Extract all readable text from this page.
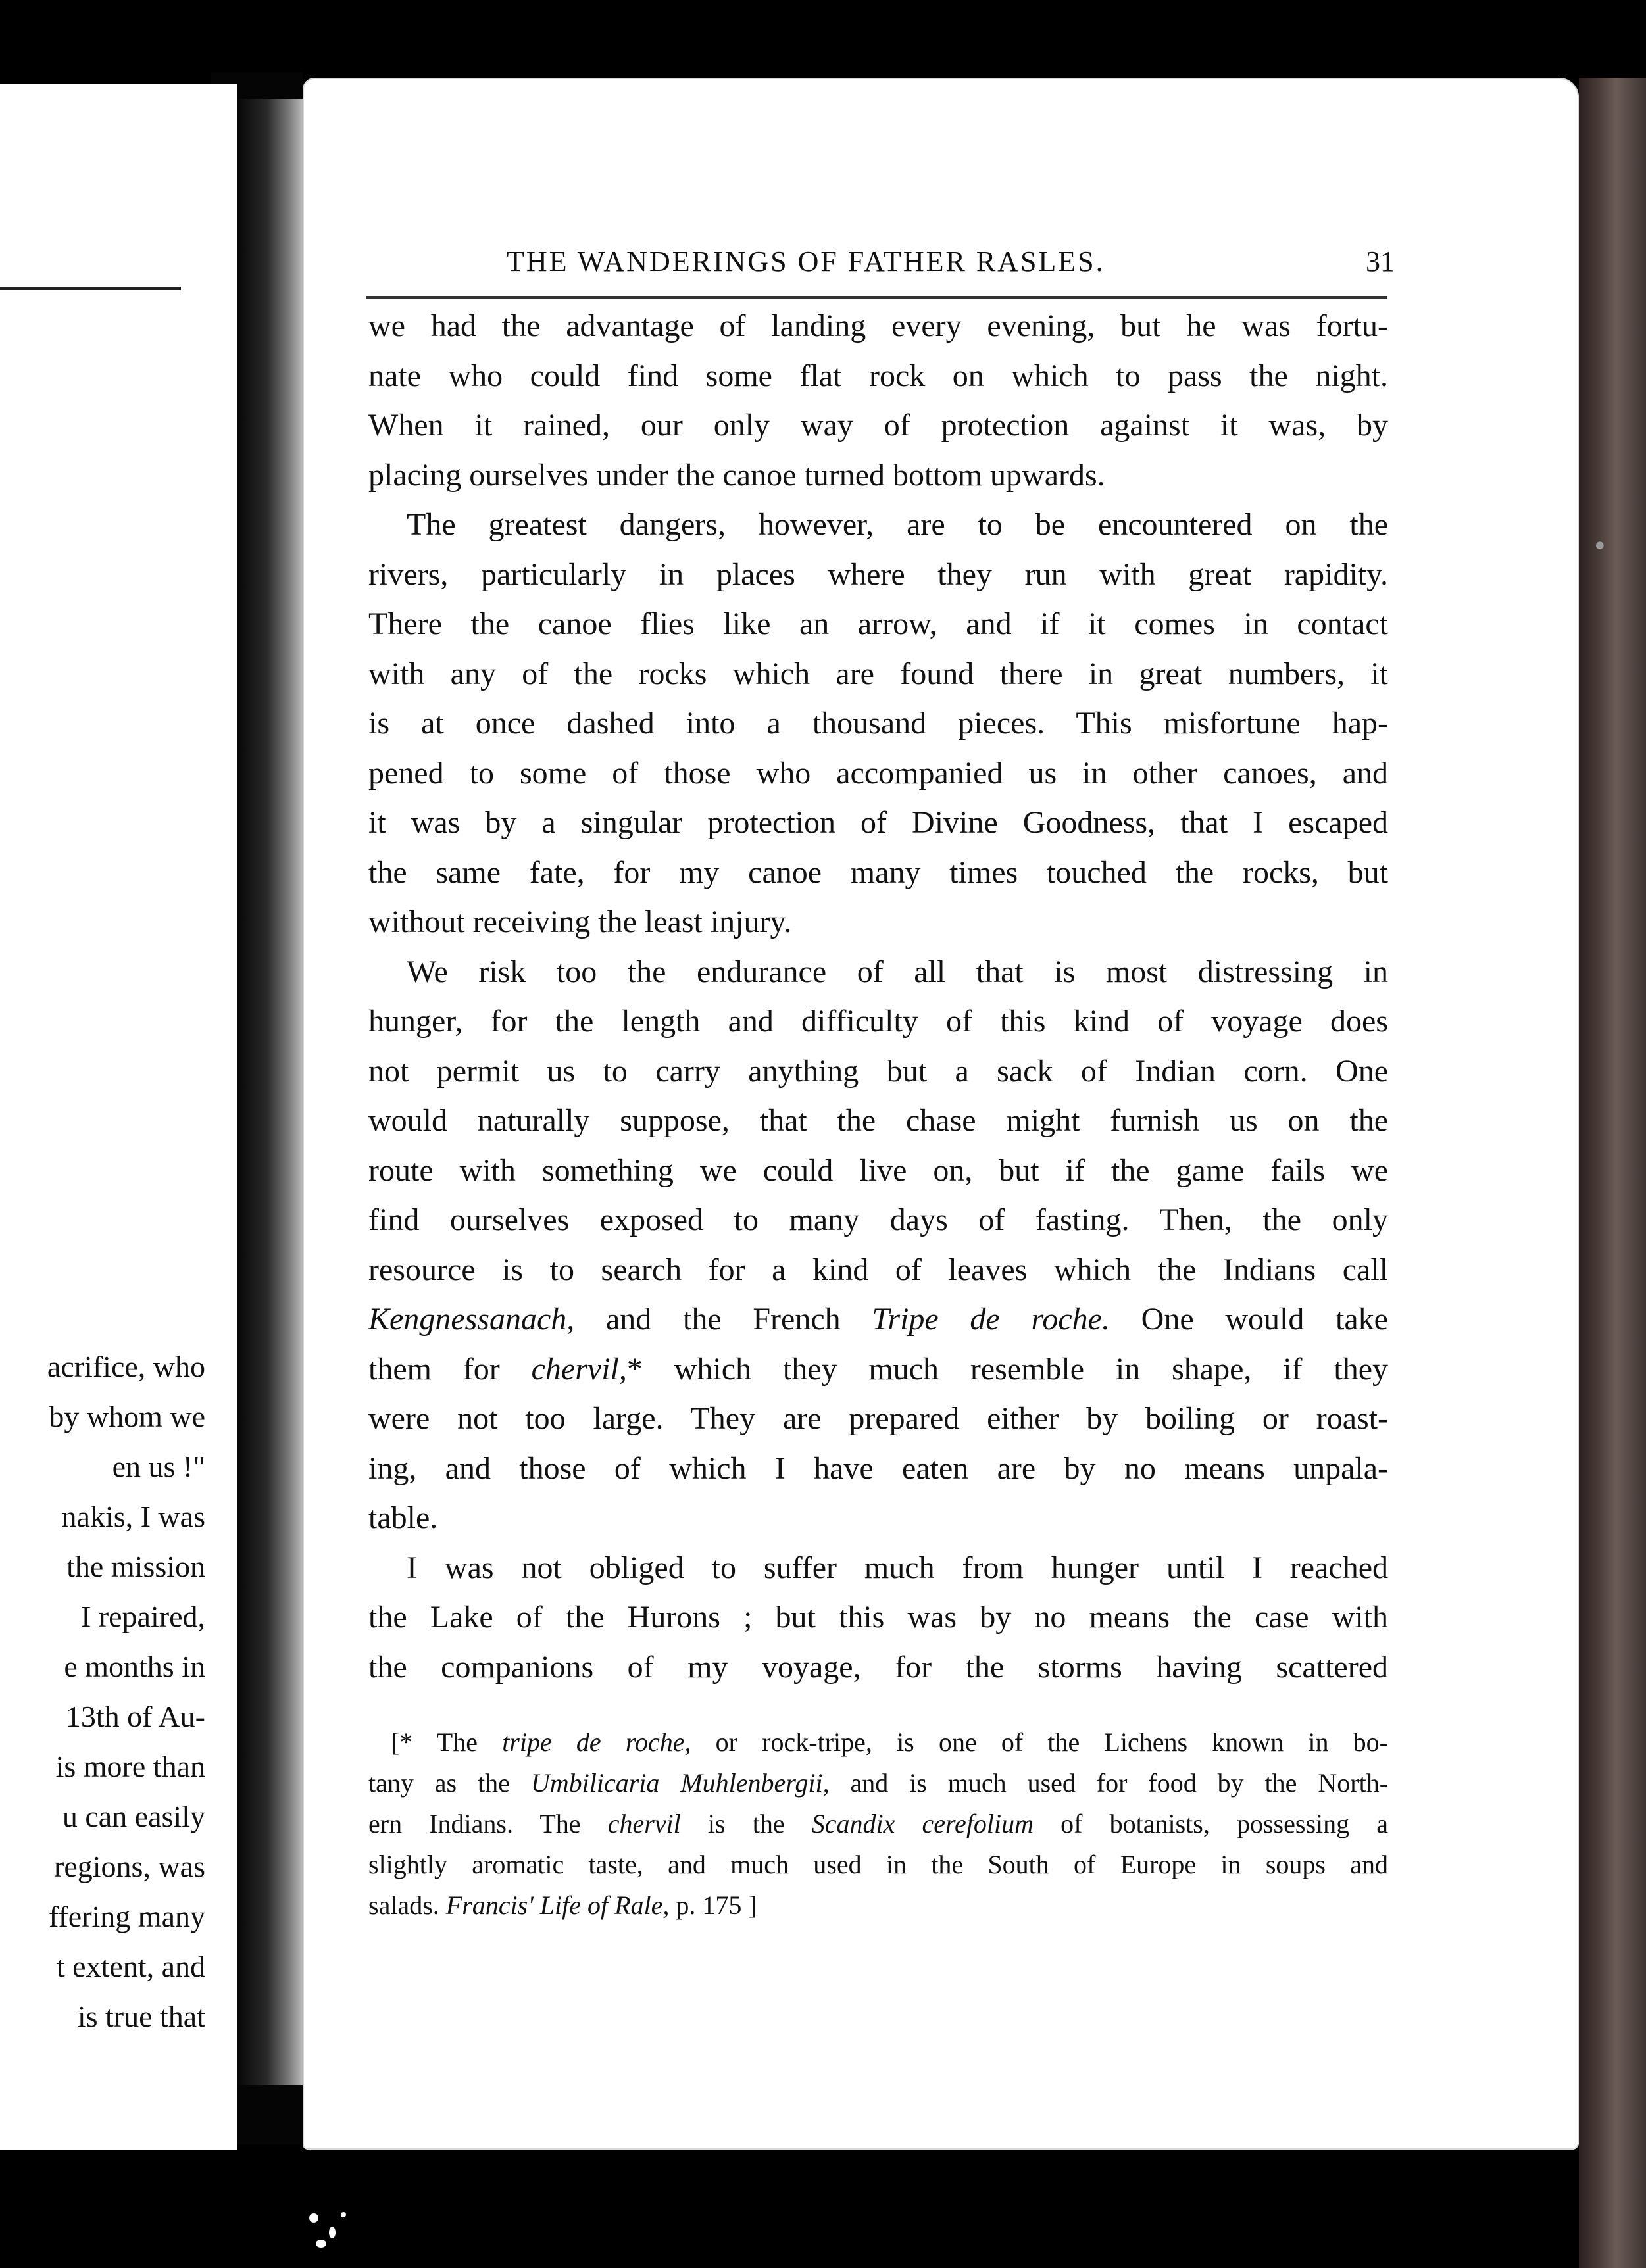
acrifice, who
by whom we
en us !"
nakis, I was
the mission
I repaired,
e months in
13th of Au-
is more than
u can easily
regions, was
ffering many
t extent, and
is true that
•
THE WANDERINGS OF FATHER RASLES.	31
we had the advantage of landing every evening, but he was fortu-
nate who could find some flat rock on which to pass the night.
When it rained, our only way of protection against it was, by
placing ourselves under the canoe turned bottom upwards.
The greatest dangers, however, are to be encountered on the
rivers, particularly in places where they run with great rapidity.
There the canoe flies like an arrow, and if it comes in contact
with any of the rocks which are found there in great numbers, it
is at once dashed into a thousand pieces. This misfortune hap-
pened to some of those who accompanied us in other canoes, and
it was by a singular protection of Divine Goodness, that I escaped
the same fate, for my canoe many times touched the rocks, but
without receiving the least injury.
We risk too the endurance of all that is most distressing in
hunger, for the length and difficulty of this kind of voyage does
not permit us to carry anything but a sack of Indian corn. One
would naturally suppose, that the chase might furnish us on the
route with something we could live on, but if the game fails we
find ourselves exposed to many days of fasting. Then, the only
resource is to search for a kind of leaves which the Indians call
Kengnessanach, and the French Tripe de roche. One would take
them for chervil,* which they much resemble in shape, if they
were not too large. They are prepared either by boiling or roast-
ing, and those of which I have eaten are by no means unpala-
table.
I was not obliged to suffer much from hunger until I reached
the Lake of the Hurons ; but this was by no means the case with
the companions of my voyage, for the storms having scattered
[* The tripe de roche, or rock-tripe, is one of the Lichens known in bo-
tany as the Umbilicaria Muhlenbergii, and is much used for food by the North-
ern Indians. The chervil is the Scandix cerefolium of botanists, possessing a
slightly aromatic taste, and much used in the South of Europe in soups and
salads. Francis' Life of Rale, p. 175 ]
